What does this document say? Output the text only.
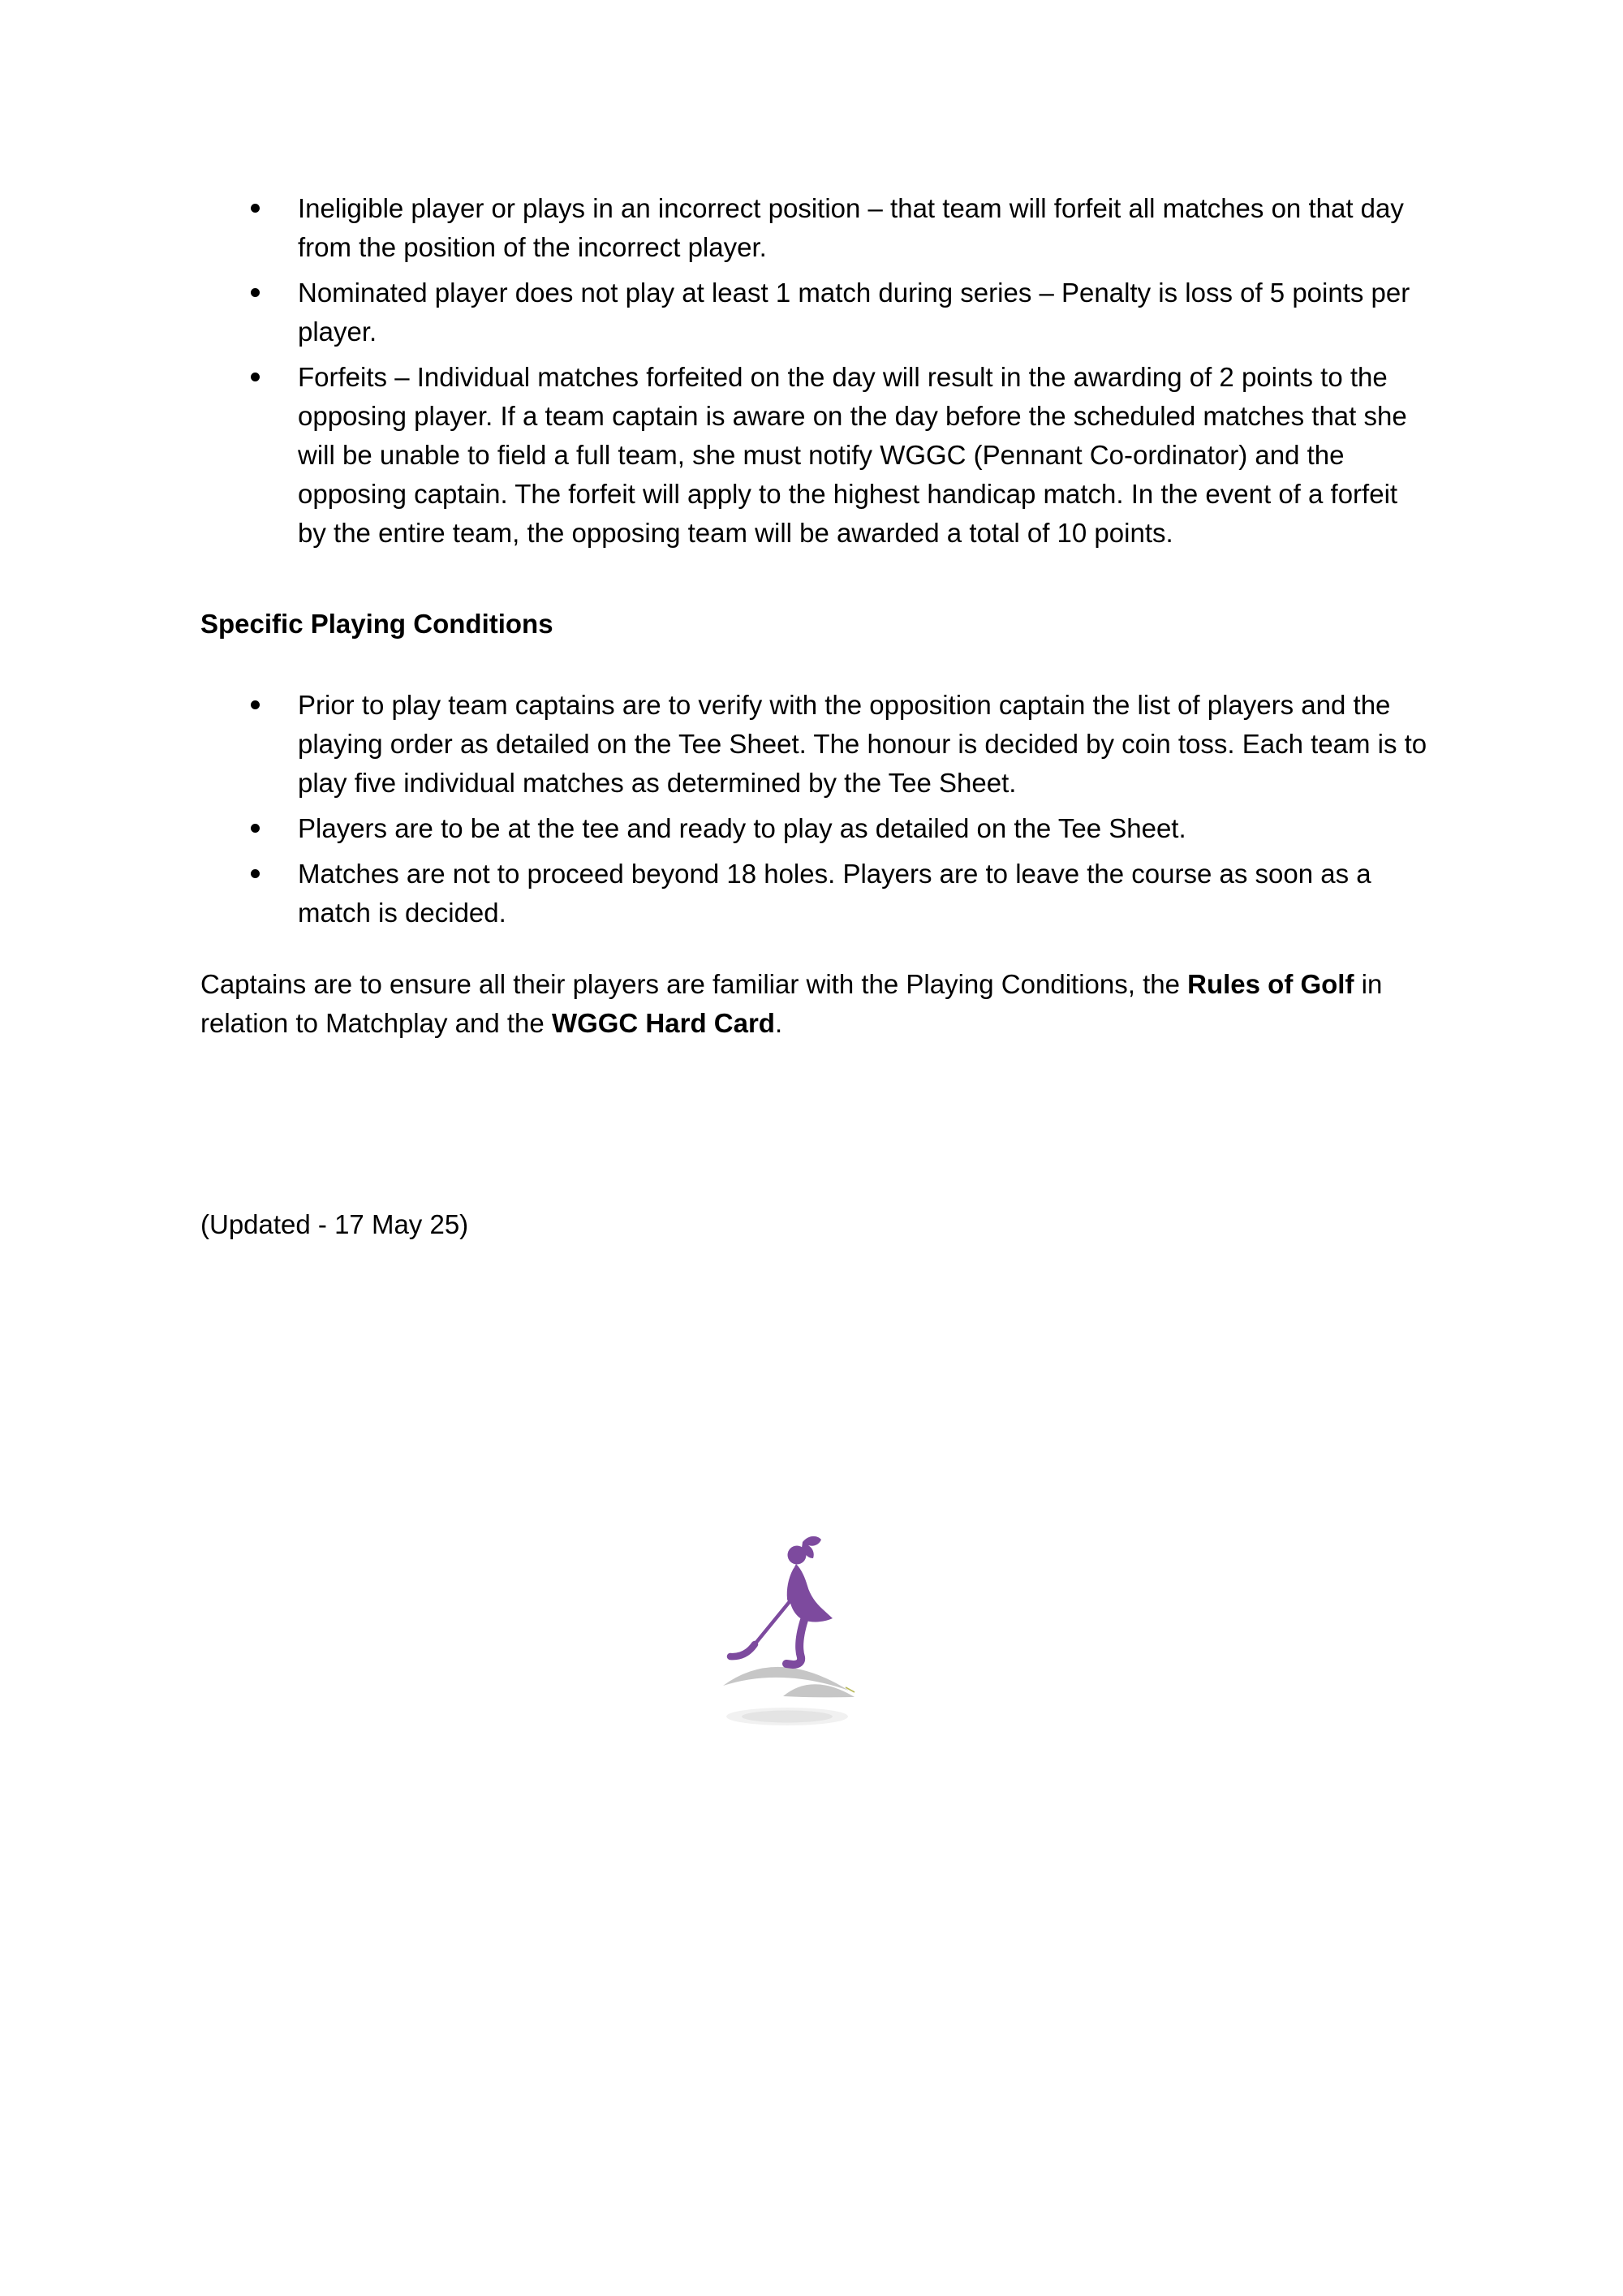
Ineligible player or plays in an incorrect position – that team will forfeit all matches on that day from the position of the incorrect player.
Nominated player does not play at least 1 match during series – Penalty is loss of 5 points per player.
Forfeits – Individual matches forfeited on the day will result in the awarding of 2 points to the opposing player. If a team captain is aware on the day before the scheduled matches that she will be unable to field a full team, she must notify WGGC (Pennant Co-ordinator) and the opposing captain. The forfeit will apply to the highest handicap match. In the event of a forfeit by the entire team, the opposing team will be awarded a total of 10 points.
Specific Playing Conditions
Prior to play team captains are to verify with the opposition captain the list of players and the playing order as detailed on the Tee Sheet. The honour is decided by coin toss. Each team is to play five individual matches as determined by the Tee Sheet.
Players are to be at the tee and ready to play as detailed on the Tee Sheet.
Matches are not to proceed beyond 18 holes. Players are to leave the course as soon as a match is decided.

Captains are to ensure all their players are familiar with the Playing Conditions, the Rules of Golf in relation to Matchplay and the WGGC Hard Card.

(Updated - 17 May 25)
